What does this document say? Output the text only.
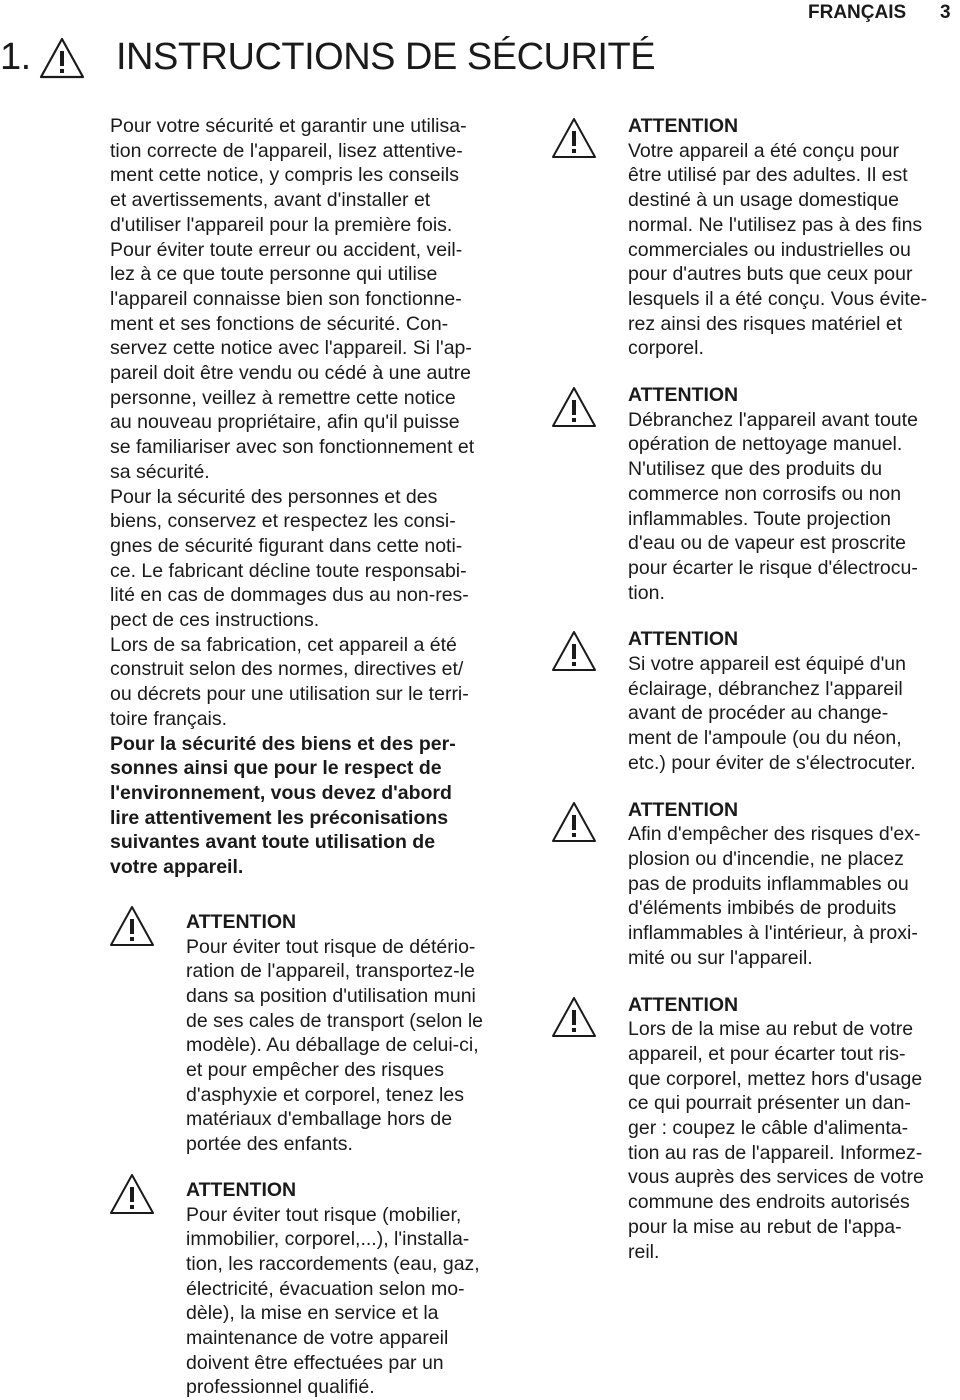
FRANÇAIS 3
1. INSTRUCTIONS DE SÉCURITÉ

Pour votre sécurité et garantir une utilisa-
tion correcte de l'appareil, lisez attentive-
ment cette notice, y compris les conseils
et avertissements, avant d'installer et
d'utiliser l'appareil pour la première fois.
Pour éviter toute erreur ou accident, veil-
lez à ce que toute personne qui utilise
l'appareil connaisse bien son fonctionne-
ment et ses fonctions de sécurité. Con-
servez cette notice avec l'appareil. Si l'ap-
pareil doit être vendu ou cédé à une autre
personne, veillez à remettre cette notice
au nouveau propriétaire, afin qu'il puisse
se familiariser avec son fonctionnement et
sa sécurité.

Pour la sécurité des personnes et des
biens, conservez et respectez les consi-
gnes de sécurité figurant dans cette noti-
ce. Le fabricant décline toute responsabi-
lité en cas de dommages dus au non-res-
pect de ces instructions.

Lors de sa fabrication, cet appareil a été
construit selon des normes, directives et/
ou décrets pour une utilisation sur le terri-
toire français.

Pour la sécurité des biens et des per-
sonnes ainsi que pour le respect de
l'environnement, vous devez d'abord
lire attentivement les préconisations
suivantes avant toute utilisation de
votre appareil.

ATTENTION

Pour éviter tout risque de détério-
ration de l'appareil, transportez-le
dans sa position d'utilisation muni
de ses cales de transport (selon le
modèle). Au déballage de celui-ci,
et pour empêcher des risques
d'asphyxie et corporel, tenez les
matériaux d'emballage hors de
portée des enfants.

ATTENTION

Pour éviter tout risque (mobilier,
immobilier, corporel,...), l'installa-
tion, les raccordements (eau, gaz,
électricité, évacuation selon mo-
dèle), la mise en service et la
maintenance de votre appareil
doivent être effectuées par un
professionnel qualifié.

ATTENTION

Votre appareil a été conçu pour
être utilisé par des adultes. Il est
destiné à un usage domestique
normal. Ne l'utilisez pas à des fins
commerciales ou industrielles ou
pour d'autres buts que ceux pour
lesquels il a été conçu. Vous évite-
rez ainsi des risques matériel et
corporel.

ATTENTION

Débranchez l'appareil avant toute
opération de nettoyage manuel.
N'utilisez que des produits du
commerce non corrosifs ou non
inflammables. Toute projection
d'eau ou de vapeur est proscrite
pour écarter le risque d'électrocu-
tion.

ATTENTION

Si votre appareil est équipé d'un
éclairage, débranchez l'appareil
avant de procéder au change-
ment de l'ampoule (ou du néon,
etc.) pour éviter de s'électrocuter.

ATTENTION

Afin d'empêcher des risques d'ex-
plosion ou d'incendie, ne placez
pas de produits inflammables ou
d'éléments imbibés de produits
inflammables à l'intérieur, à proxi-
mité ou sur l'appareil.

ATTENTION

Lors de la mise au rebut de votre
appareil, et pour écarter tout ris-
que corporel, mettez hors d'usage
ce qui pourrait présenter un dan-
ger : coupez le câble d'alimenta-
tion au ras de l'appareil. Informez-
vous auprès des services de votre
commune des endroits autorisés
pour la mise au rebut de l'appa-
reil.
